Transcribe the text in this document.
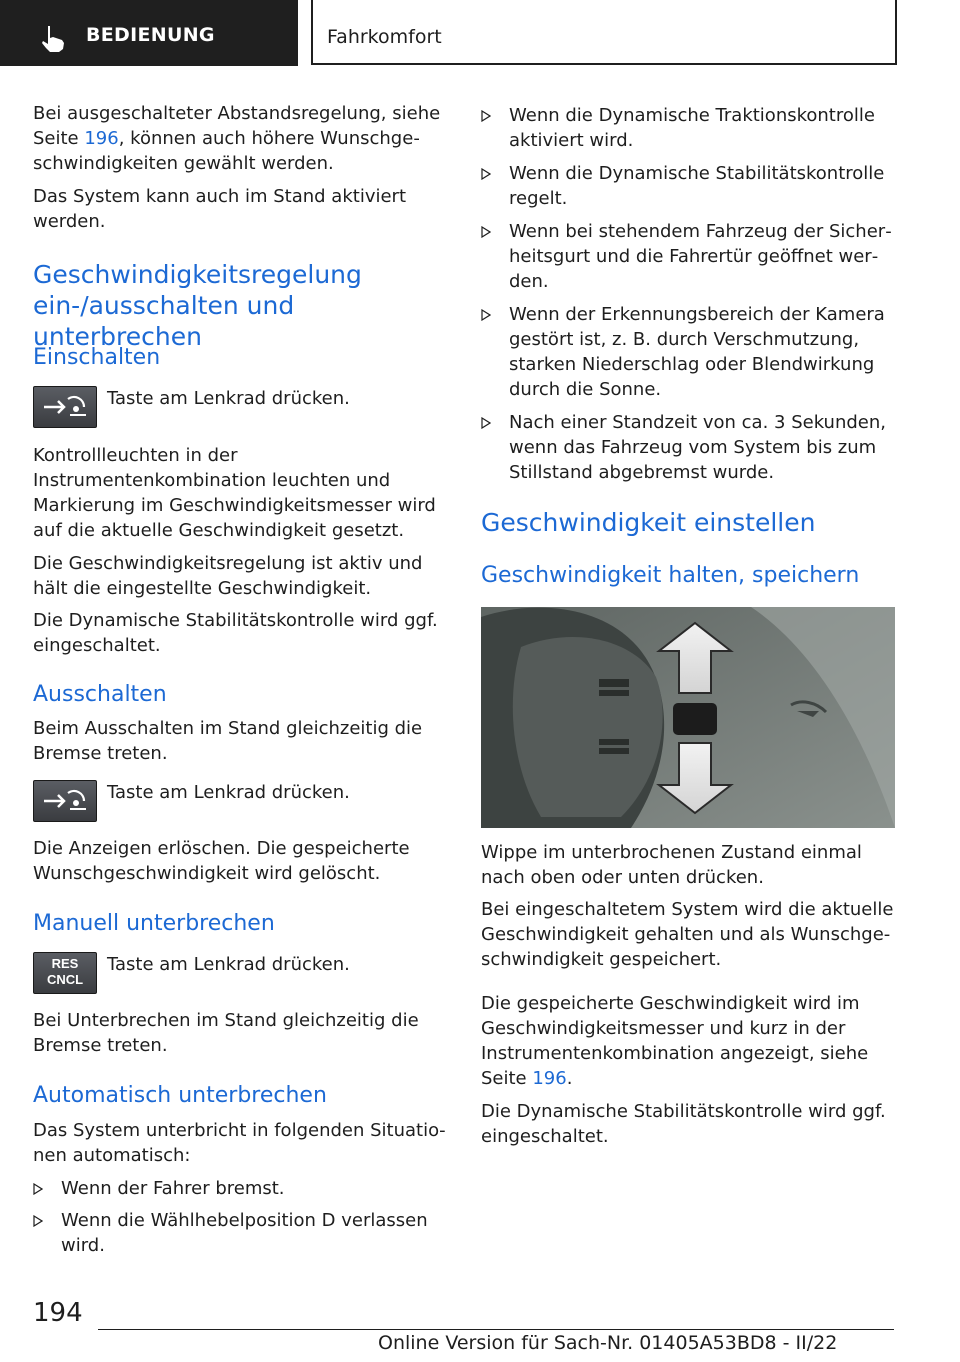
BEDIENUNG	Fahrkomfort

Bei ausgeschalteter Abstandsregelung, siehe Seite 196, können auch höhere Wunschgeschwindigkeiten gewählt werden.

Das System kann auch im Stand aktiviert werden.

Geschwindigkeitsregelung ein-/ausschalten und unterbrechen
Einschalten

Taste am Lenkrad drücken.

Kontrollleuchten in der Instrumentenkombination leuchten und Markierung im Geschwindigkeitsmesser wird auf die aktuelle Geschwindigkeit gesetzt.

Die Geschwindigkeitsregelung ist aktiv und hält die eingestellte Geschwindigkeit.

Die Dynamische Stabilitätskontrolle wird ggf. eingeschaltet.

Ausschalten

Beim Ausschalten im Stand gleichzeitig die Bremse treten.

Taste am Lenkrad drücken.

Die Anzeigen erlöschen. Die gespeicherte Wunschgeschwindigkeit wird gelöscht.

Manuell unterbrechen
RES
CNCL

Taste am Lenkrad drücken.

Bei Unterbrechen im Stand gleichzeitig die Bremse treten.

Automatisch unterbrechen

Das System unterbricht in folgenden Situationen automatisch:

Wenn der Fahrer bremst.
Wenn die Wählhebelposition D verlassen wird.
Wenn die Dynamische Traktionskontrolle aktiviert wird.
Wenn die Dynamische Stabilitätskontrolle regelt.
Wenn bei stehendem Fahrzeug der Sicherheitsgurt und die Fahrertür geöffnet werden.
Wenn der Erkennungsbereich der Kamera gestört ist, z. B. durch Verschmutzung, starken Niederschlag oder Blendwirkung durch die Sonne.
Nach einer Standzeit von ca. 3 Sekunden, wenn das Fahrzeug vom System bis zum Stillstand abgebremst wurde.
Geschwindigkeit einstellen
Geschwindigkeit halten, speichern

Wippe im unterbrochenen Zustand einmal nach oben oder unten drücken.

Bei eingeschaltetem System wird die aktuelle Geschwindigkeit gehalten und als Wunschgeschwindigkeit gespeichert.

Die gespeicherte Geschwindigkeit wird im Geschwindigkeitsmesser und kurz in der Instrumentenkombination angezeigt, siehe Seite 196.

Die Dynamische Stabilitätskontrolle wird ggf. eingeschaltet.

194
Online Version für Sach-Nr. 01405A53BD8 - II/22
